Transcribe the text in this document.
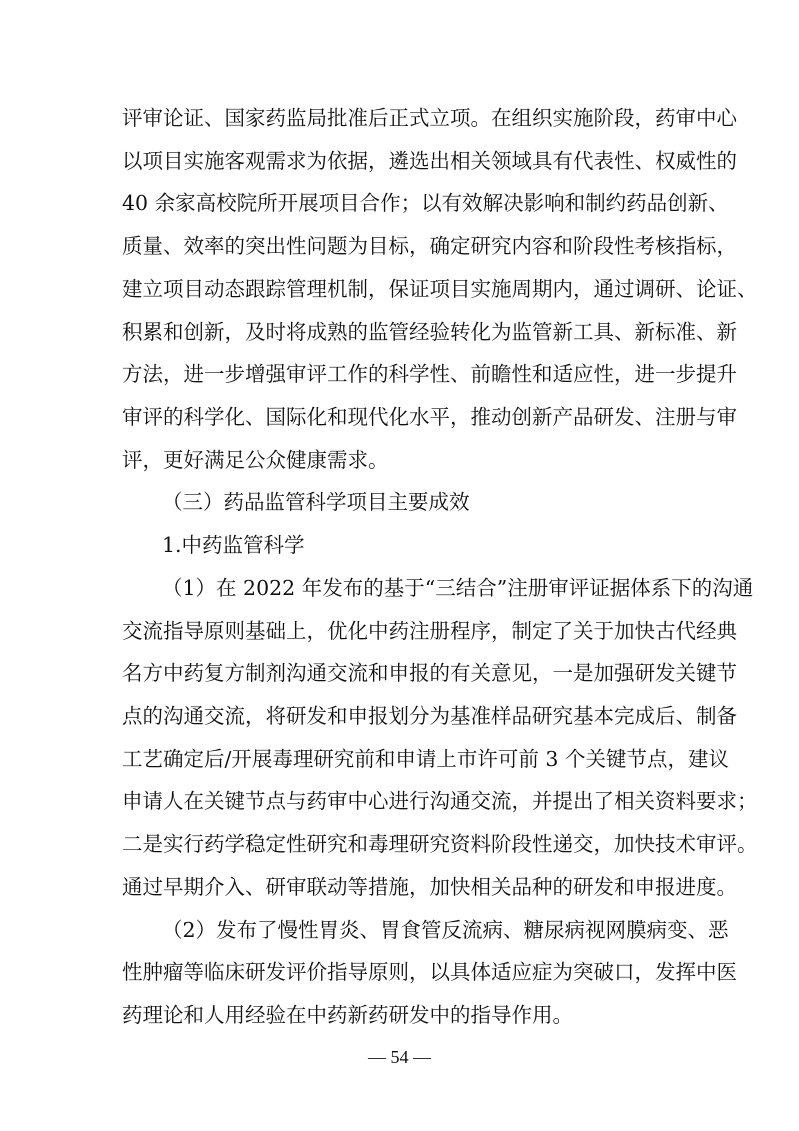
评审论证、国家药监局批准后正式立项。在组织实施阶段，药审中心
以项目实施客观需求为依据，遴选出相关领域具有代表性、权威性的
40 余家高校院所开展项目合作；以有效解决影响和制约药品创新、
质量、效率的突出性问题为目标，确定研究内容和阶段性考核指标，
建立项目动态跟踪管理机制，保证项目实施周期内，通过调研、论证、
积累和创新，及时将成熟的监管经验转化为监管新工具、新标准、新
方法，进一步增强审评工作的科学性、前瞻性和适应性，进一步提升
审评的科学化、国际化和现代化水平，推动创新产品研发、注册与审
评，更好满足公众健康需求。
（三）药品监管科学项目主要成效
1.中药监管科学
（1）在 2022 年发布的基于“三结合”注册审评证据体系下的沟通
交流指导原则基础上，优化中药注册程序，制定了关于加快古代经典
名方中药复方制剂沟通交流和申报的有关意见，一是加强研发关键节
点的沟通交流，将研发和申报划分为基准样品研究基本完成后、制备
工艺确定后/开展毒理研究前和申请上市许可前 3 个关键节点，建议
申请人在关键节点与药审中心进行沟通交流，并提出了相关资料要求；
二是实行药学稳定性研究和毒理研究资料阶段性递交，加快技术审评。
通过早期介入、研审联动等措施，加快相关品种的研发和申报进度。
（2）发布了慢性胃炎、胃食管反流病、糖尿病视网膜病变、恶
性肿瘤等临床研发评价指导原则，以具体适应症为突破口，发挥中医
药理论和人用经验在中药新药研发中的指导作用。
— 54 —
